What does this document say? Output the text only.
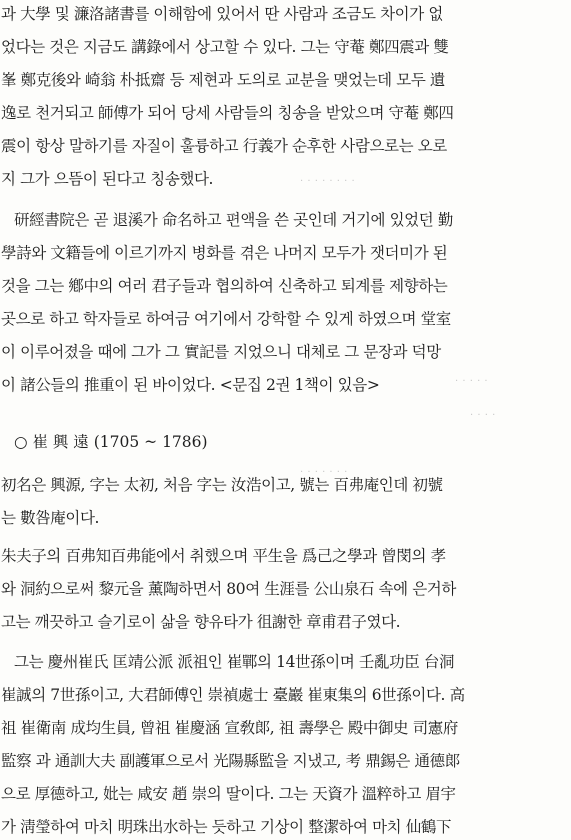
· · · · · · · ·
· · · · ·
· · · ·
· · · · · · ·
과 大學 및 濂洛諸書를 이해함에 있어서 딴 사람과 조금도 차이가 없
었다는 것은 지금도 講錄에서 상고할 수 있다. 그는 守菴 鄭四震과 雙
峯 鄭克後와 崎翁 朴抵齋 등 제현과 도의로 교분을 맺었는데 모두 遺
逸로 천거되고 師傅가 되어 당세 사람들의 칭송을 받았으며 守菴 鄭四
震이 항상 말하기를 자질이 훌륭하고 行義가 순후한 사람으로는 오로
지 그가 으뜸이 된다고 칭송했다.
研經書院은 곧 退溪가 命名하고 편액을 쓴 곳인데 거기에 있었던 勤
學詩와 文籍들에 이르기까지 병화를 겪은 나머지 모두가 잿더미가 된
것을 그는 鄕中의 여러 君子들과 협의하여 신축하고 퇴계를 제향하는
곳으로 하고 학자들로 하여금 여기에서 강학할 수 있게 하였으며 堂室
이 이루어졌을 때에 그가 그 實記를 지었으니 대체로 그 문장과 덕망
이 諸公들의 推重이 된 바이었다. <문집 2권 1책이 있음>
○ 崔 興 遠 (1705 ~ 1786)
初名은 興源, 字는 太初, 처음 字는 汝浩이고, 號는 百弗庵인데 初號
는 數咎庵이다.
朱夫子의 百弗知百弗能에서 취했으며 平生을 爲己之學과 曾閔의 孝
와 洞約으로써 黎元을 薰陶하면서 80여 生涯를 公山泉石 속에 은거하
고는 깨끗하고 슬기로이 삶을 향유타가 徂謝한 章甫君子였다.
그는 慶州崔氏 匡靖公派 派祖인 崔鄲의 14世孫이며 壬亂功臣 台洞
崔誠의 7世孫이고, 大君師傅인 崇禎處士 臺巖 崔東集의 6世孫이다. 高
祖 崔衛南 成均生員, 曾祖 崔慶涵 宣敎郞, 祖 壽學은 殿中御史 司憲府
監察 과 通訓大夫 副護軍으로서 光陽縣監을 지냈고, 考 鼎錫은 通德郞
으로 厚德하고, 妣는 咸安 趙 崇의 딸이다. 그는 天資가 溫粹하고 眉宇
가 淸瑩하여 마치 明珠出水하는 듯하고 기상이 整潔하여 마치 仙鶴下
